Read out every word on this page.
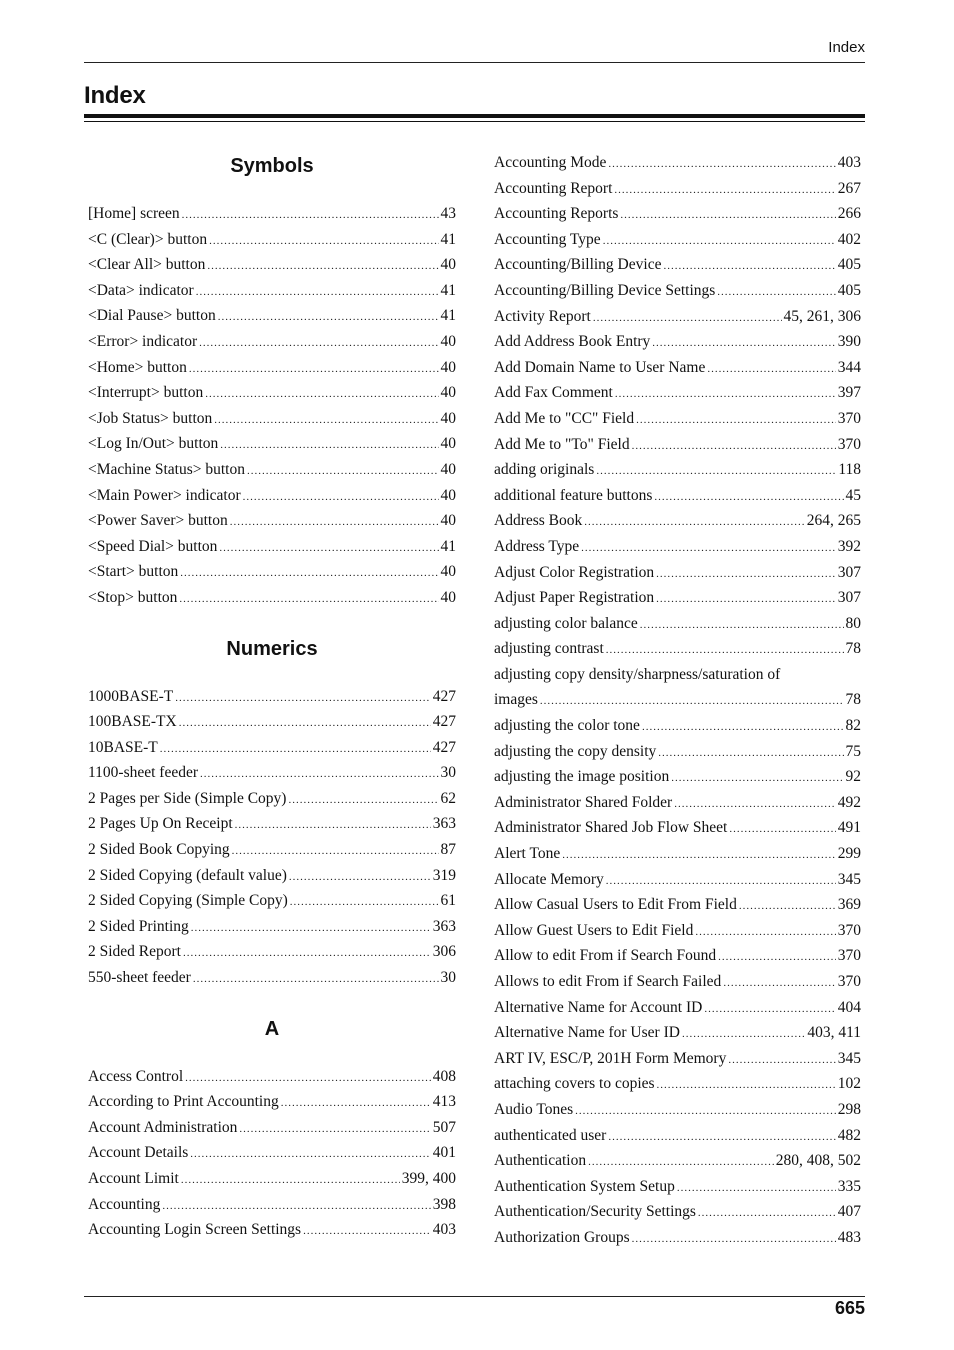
Index
Index
Symbols
[Home] screen .....	43
<C (Clear)> button .....	41
<Clear All> button .....	40
<Data> indicator .....	41
<Dial Pause> button .....	41
<Error> indicator .....	40
<Home> button .....	40
<Interrupt> button .....	40
<Job Status> button .....	40
<Log In/Out> button .....	40
<Machine Status> button .....	40
<Main Power> indicator .....	40
<Power Saver> button .....	40
<Speed Dial> button .....	41
<Start> button .....	40
<Stop> button .....	40
Numerics
1000BASE-T .....	427
100BASE-TX .....	427
10BASE-T .....	427
1100-sheet feeder .....	30
2 Pages per Side (Simple Copy) .....	62
2 Pages Up On Receipt .....	363
2 Sided Book Copying .....	87
2 Sided Copying (default value) .....	319
2 Sided Copying (Simple Copy) .....	61
2 Sided Printing .....	363
2 Sided Report .....	306
550-sheet feeder .....	30
A
Access Control .....	408
According to Print Accounting .....	413
Account Administration .....	507
Account Details .....	401
Account Limit .....	399, 400
Accounting .....	398
Accounting Login Screen Settings .....	403
Accounting Mode .....	403
Accounting Report .....	267
Accounting Reports .....	266
Accounting Type .....	402
Accounting/Billing Device .....	405
Accounting/Billing Device Settings .....	405
Activity Report .....	45, 261, 306
Add Address Book Entry .....	390
Add Domain Name to User Name .....	344
Add Fax Comment .....	397
Add Me to "CC" Field .....	370
Add Me to "To" Field .....	370
adding originals .....	118
additional feature buttons .....	45
Address Book .....	264, 265
Address Type .....	392
Adjust Color Registration .....	307
Adjust Paper Registration .....	307
adjusting color balance .....	80
adjusting contrast .....	78
adjusting copy density/sharpness/saturation of
images .....	78
adjusting the color tone .....	82
adjusting the copy density .....	75
adjusting the image position .....	92
Administrator Shared Folder .....	492
Administrator Shared Job Flow Sheet .....	491
Alert Tone .....	299
Allocate Memory .....	345
Allow Casual Users to Edit From Field .....	369
Allow Guest Users to Edit Field .....	370
Allow to edit From if Search Found .....	370
Allows to edit From if Search Failed .....	370
Alternative Name for Account ID .....	404
Alternative Name for User ID .....	403, 411
ART IV, ESC/P, 201H Form Memory .....	345
attaching covers to copies .....	102
Audio Tones .....	298
authenticated user .....	482
Authentication .....	280, 408, 502
Authentication System Setup .....	335
Authentication/Security Settings .....	407
Authorization Groups .....	483
665
